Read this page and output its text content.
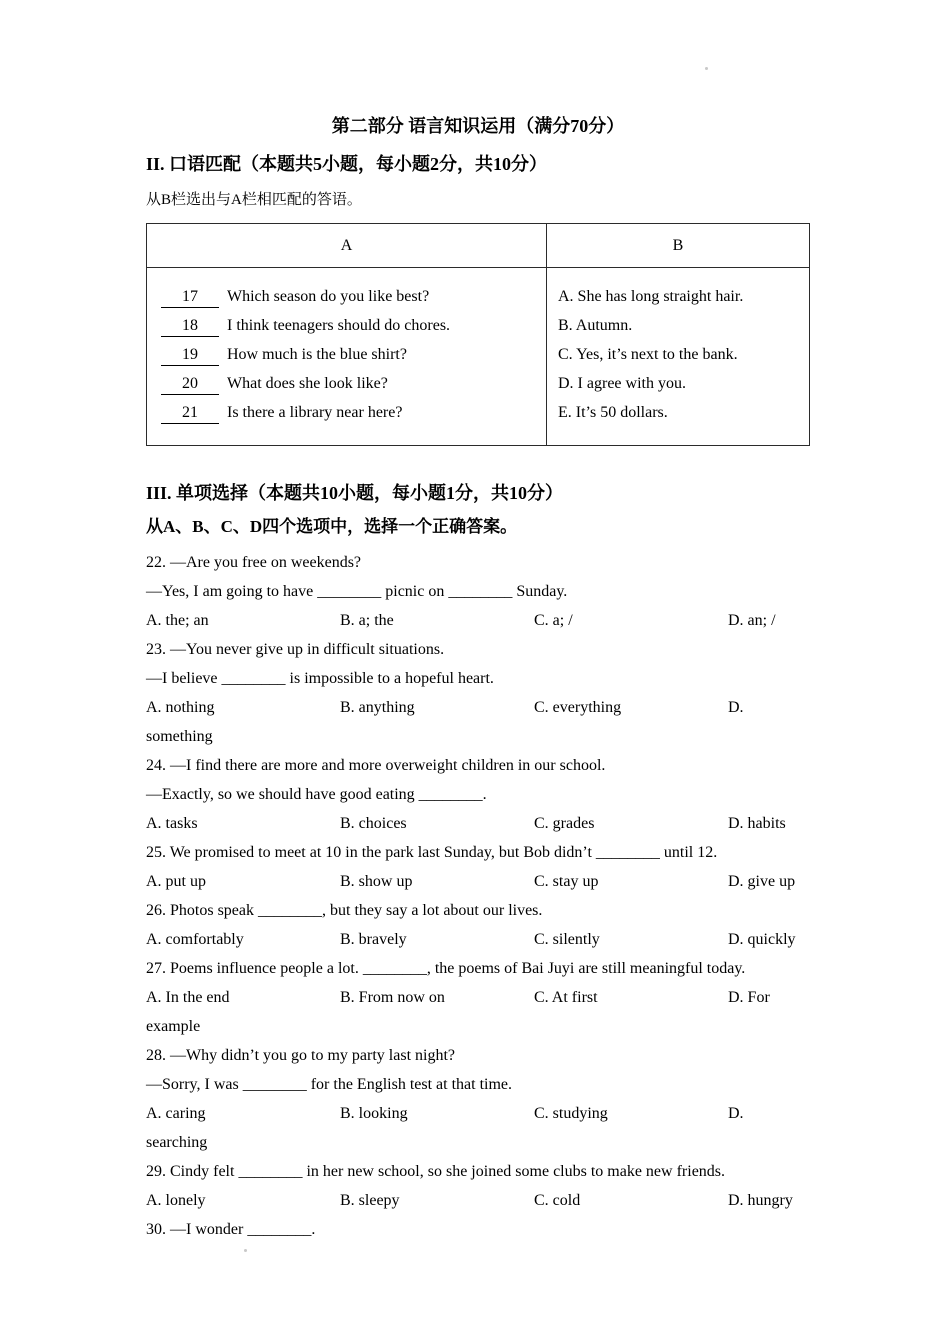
第二部分 语言知识运用（满分70分）
II. 口语匹配（本题共5小题，每小题2分，共10分）
从B栏选出与A栏相匹配的答语。
A	B

17 Which season do you like best?
18 I think teenagers should do chores.
19 How much is the blue shirt?
20 What does she look like?
21 Is there a library near here?

A. She has long straight hair.
B. Autumn.
C. Yes, it’s next to the bank.
D. I agree with you.
E. It’s 50 dollars.
III. 单项选择（本题共10小题，每小题1分，共10分）
从A、B、C、D四个选项中，选择一个正确答案。

22. —Are you free on weekends?

—Yes, I am going to have ________ picnic on ________ Sunday.

A. the; an	B. a; the	C. a; /	D. an; /

23. —You never give up in difficult situations.

—I believe ________ is impossible to a hopeful heart.

A. nothing	B. anything	C. everything	D.

something

24. —I find there are more and more overweight children in our school.

—Exactly, so we should have good eating ________.

A. tasks	B. choices	C. grades	D. habits

25. We promised to meet at 10 in the park last Sunday, but Bob didn’t ________ until 12.

A. put up	B. show up	C. stay up	D. give up

26. Photos speak ________, but they say a lot about our lives.

A. comfortably	B. bravely	C. silently	D. quickly

27. Poems influence people a lot. ________, the poems of Bai Juyi are still meaningful today.

A. In the end	B. From now on	C. At first	D. For

example

28. —Why didn’t you go to my party last night?

—Sorry, I was ________ for the English test at that time.

A. caring	B. looking	C. studying	D.

searching

29. Cindy felt ________ in her new school, so she joined some clubs to make new friends.

A. lonely	B. sleepy	C. cold	D. hungry

30. —I wonder ________.
